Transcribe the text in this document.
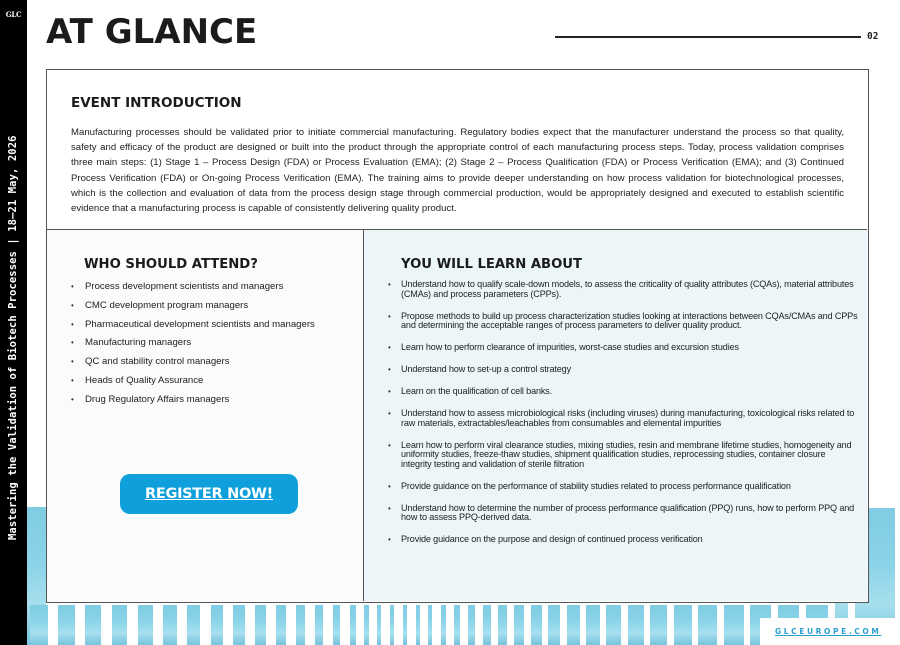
GLC
Mastering the Validation of Biotech Processes | 18–21 May, 2026
AT GLANCE	02
EVENT INTRODUCTION

Manufacturing processes should be validated prior to initiate commercial manufacturing. Regulatory bodies expect that the manufacturer understand the process so that quality, safety and efficacy of the product are designed or built into the product through the appropriate control of each manufacturing process steps. Today, process validation comprises three main steps: (1) Stage 1 – Process Design (FDA) or Process Evaluation (EMA); (2) Stage 2 – Process Qualification (FDA) or Process Verification (EMA); and (3) Continued Process Verification (FDA) or On-going Process Verification (EMA). The training aims to provide deeper understanding on how process validation for biotechnological processes, which is the collection and evaluation of data from the process design stage through commercial production, would be appropriately designed and executed to establish scientific evidence that a manufacturing process is capable of consistently delivering quality product.

WHO SHOULD ATTEND?
• Process development scientists and managers
• CMC development program managers
• Pharmaceutical development scientists and managers
• Manufacturing managers
• QC and stability control managers
• Heads of Quality Assurance
• Drug Regulatory Affairs managers
REGISTER NOW!
YOU WILL LEARN ABOUT
• Understand how to qualify scale-down models, to assess the criticality of quality attributes (CQAs), material attributes (CMAs) and process parameters (CPPs).
• Propose methods to build up process characterization studies looking at interactions between CQAs/CMAs and CPPs and determining the acceptable ranges of process parameters to deliver quality product.
• Learn how to perform clearance of impurities, worst-case studies and excursion studies
• Understand how to set-up a control strategy
• Learn on the qualification of cell banks.
• Understand how to assess microbiological risks (including viruses) during manufacturing, toxicological risks related to raw materials, extractables/leachables from consumables and elemental impurities
• Learn how to perform viral clearance studies, mixing studies, resin and membrane lifetime studies, homogeneity and uniformity studies, freeze-thaw studies, shipment qualification studies, reprocessing studies, container closure integrity testing and validation of sterile filtration
• Provide guidance on the performance of stability studies related to process performance qualification
• Understand how to determine the number of process performance qualification (PPQ) runs, how to perform PPQ and how to assess PPQ-derived data.
• Provide guidance on the purpose and design of continued process verification
GLCEUROPE.COM
